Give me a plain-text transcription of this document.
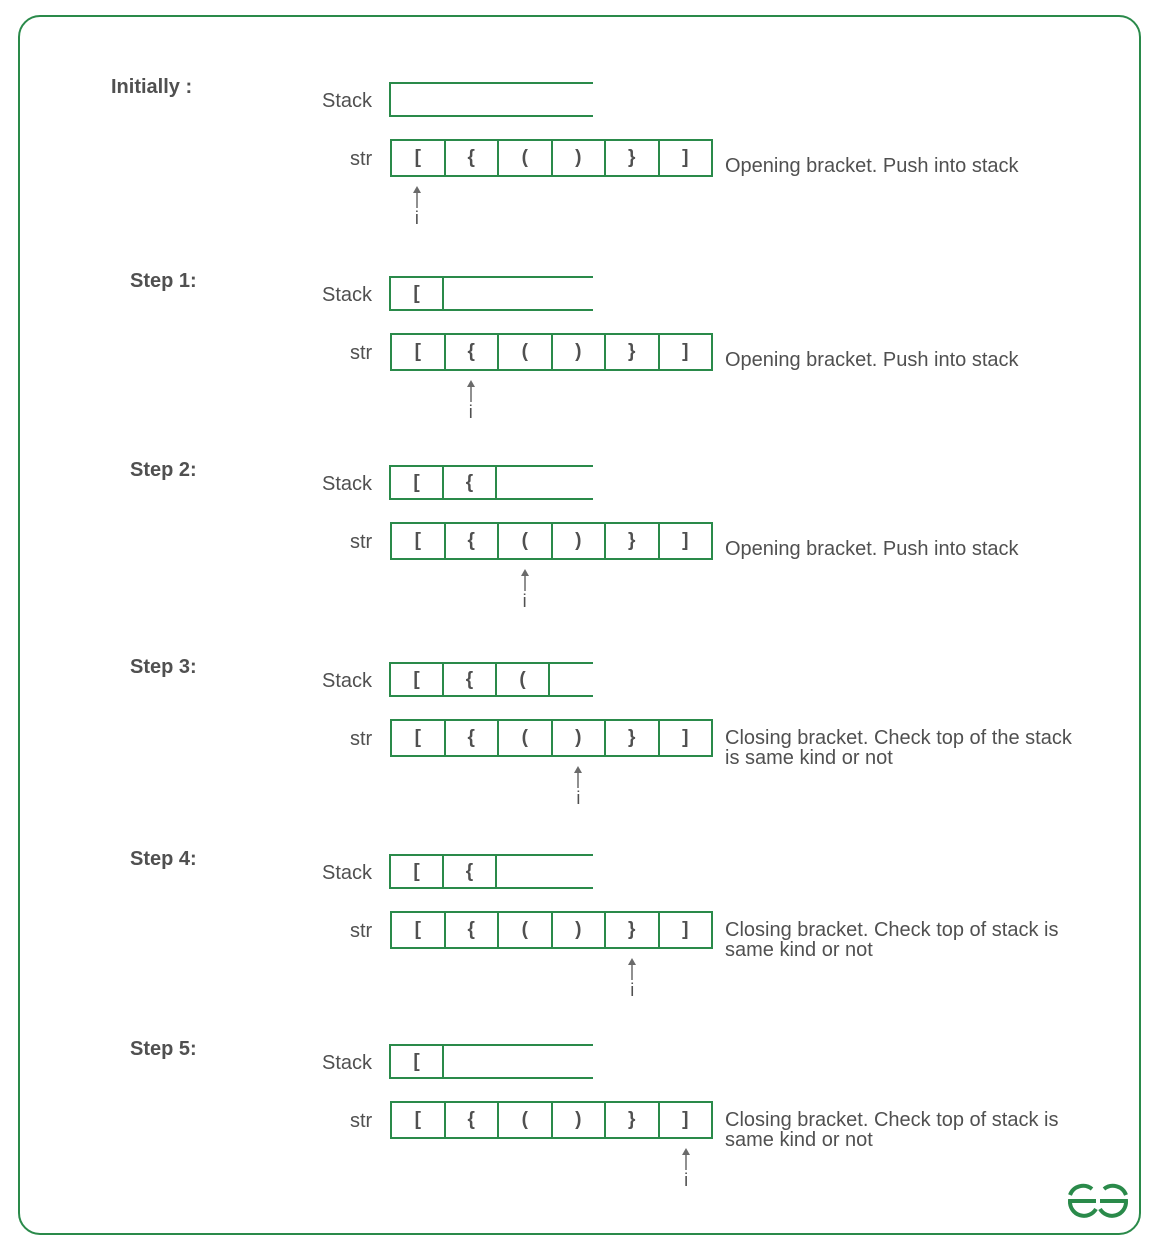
Initially :
Stack
str	[	{	(	)	}	]	Opening bracket. Push into stack
i
Step 1:
Stack	[
str	[	{	(	)	}	]	Opening bracket. Push into stack
i
Step 2:
Stack	[	{
str	[	{	(	)	}	]	Opening bracket. Push into stack
i
Step 3:
Stack	[	{	(
str	[	{	(	)	}	]	Closing bracket. Check top of the stack
is same kind or not
i
Step 4:
Stack	[	{
str	[	{	(	)	}	]	Closing bracket. Check top of stack is
same kind or not
i
Step 5:
Stack	[
str	[	{	(	)	}	]	Closing bracket. Check top of stack is
same kind or not
i
